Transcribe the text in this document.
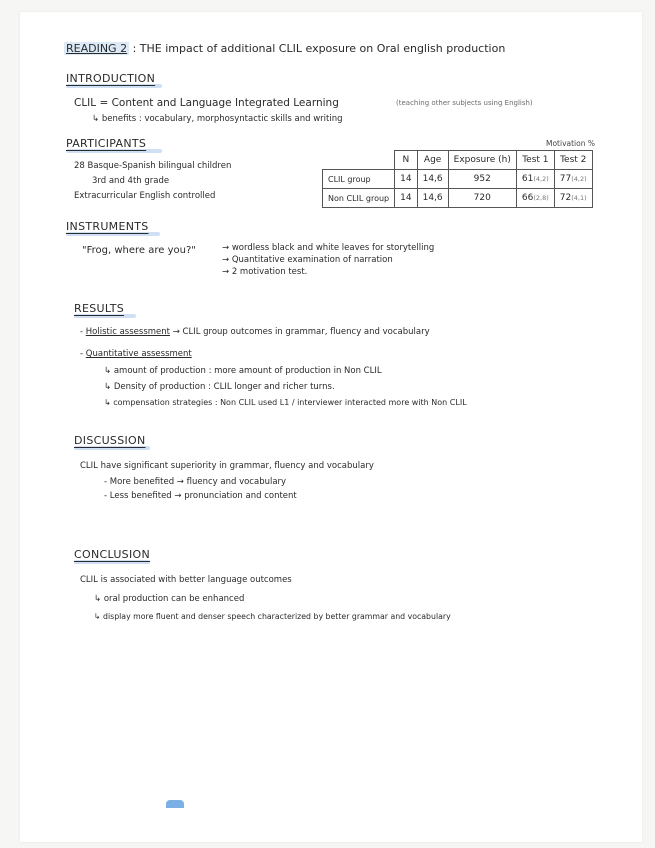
READING 2 : THE impact of additional CLIL exposure on Oral english production
INTRODUCTION
CLIL = Content and Language Integrated Learning	(teaching other subjects using English)
↳ benefits : vocabulary, morphosyntactic skills and writing
PARTICIPANTS
28 Basque-Spanish bilingual children
3rd and 4th grade
Extracurricular English controlled
Motivation %
	N	Age	Exposure (h)	Test 1	Test 2
CLIL group	14	14,6	952	61(4,2)	77(4,2)
Non CLIL group	14	14,6	720	66(2,8)	72(4,1)
INSTRUMENTS
"Frog, where are you?"	→ wordless black and white leaves for storytelling
→ Quantitative examination of narration
→ 2 motivation test.
RESULTS
- Holistic assessment → CLIL group outcomes in grammar, fluency and vocabulary
- Quantitative assessment
↳ amount of production : more amount of production in Non CLIL
↳ Density of production : CLIL longer and richer turns.
↳ compensation strategies : Non CLIL used L1 / interviewer interacted more with Non CLIL
DISCUSSION
CLIL have significant superiority in grammar, fluency and vocabulary
- More benefited → fluency and vocabulary
- Less benefited → pronunciation and content
CONCLUSION
CLIL is associated with better language outcomes
↳ oral production can be enhanced
↳ display more fluent and denser speech characterized by better grammar and vocabulary
